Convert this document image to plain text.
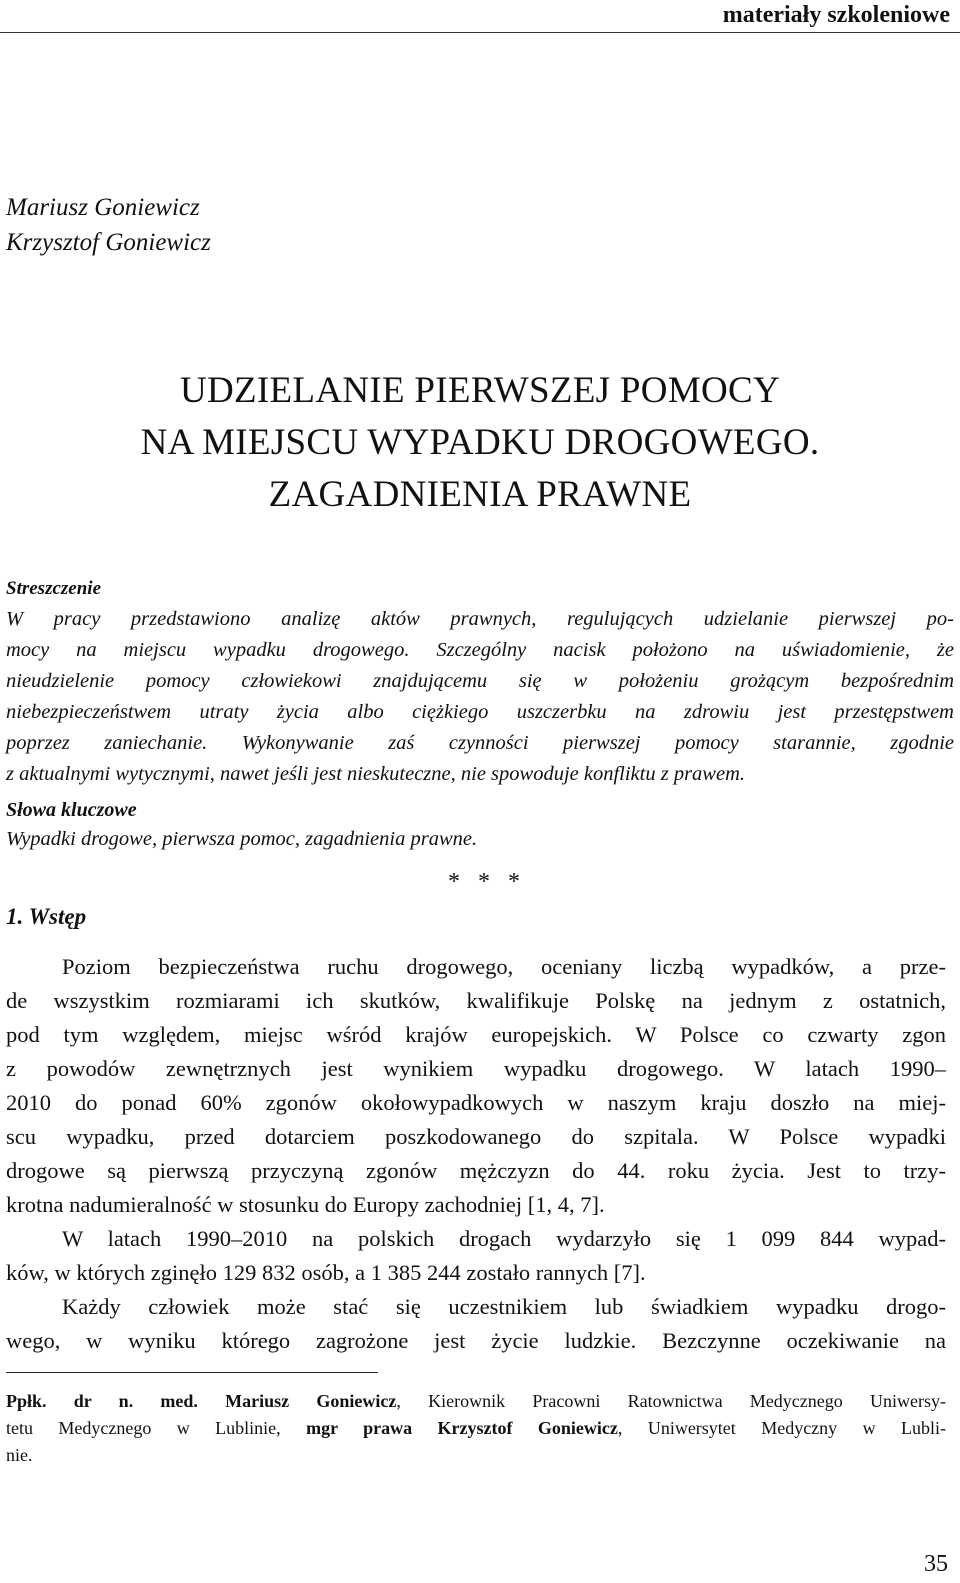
materiały szkoleniowe
Mariusz Goniewicz
Krzysztof Goniewicz
UDZIELANIE PIERWSZEJ POMOCY
NA MIEJSCU WYPADKU DROGOWEGO.
ZAGADNIENIA PRAWNE
Streszczenie
W pracy przedstawiono analizę aktów prawnych, regulujących udzielanie pierwszej po-
mocy na miejscu wypadku drogowego. Szczególny nacisk położono na uświadomienie, że
nieudzielenie pomocy człowiekowi znajdującemu się w położeniu grożącym bezpośrednim
niebezpieczeństwem utraty życia albo ciężkiego uszczerbku na zdrowiu jest przestępstwem
poprzez zaniechanie. Wykonywanie zaś czynności pierwszej pomocy starannie, zgodnie
z aktualnymi wytycznymi, nawet jeśli jest nieskuteczne, nie spowoduje konfliktu z prawem.
Słowa kluczowe
Wypadki drogowe, pierwsza pomoc, zagadnienia prawne.
* * *
1. Wstęp
Poziom bezpieczeństwa ruchu drogowego, oceniany liczbą wypadków, a prze-
de wszystkim rozmiarami ich skutków, kwalifikuje Polskę na jednym z ostatnich,
pod tym względem, miejsc wśród krajów europejskich. W Polsce co czwarty zgon
z powodów zewnętrznych jest wynikiem wypadku drogowego. W latach 1990–
2010 do ponad 60% zgonów okołowypadkowych w naszym kraju doszło na miej-
scu wypadku, przed dotarciem poszkodowanego do szpitala. W Polsce wypadki
drogowe są pierwszą przyczyną zgonów mężczyzn do 44. roku życia. Jest to trzy-
krotna nadumieralność w stosunku do Europy zachodniej [1, 4, 7].
W latach 1990–2010 na polskich drogach wydarzyło się 1 099 844 wypad-
ków, w których zginęło 129 832 osób, a 1 385 244 zostało rannych [7].
Każdy człowiek może stać się uczestnikiem lub świadkiem wypadku drogo-
wego, w wyniku którego zagrożone jest życie ludzkie. Bezczynne oczekiwanie na
Ppłk. dr n. med. Mariusz Goniewicz, Kierownik Pracowni Ratownictwa Medycznego Uniwersy-
tetu Medycznego w Lublinie, mgr prawa Krzysztof Goniewicz, Uniwersytet Medyczny w Lubli-
nie.
35
